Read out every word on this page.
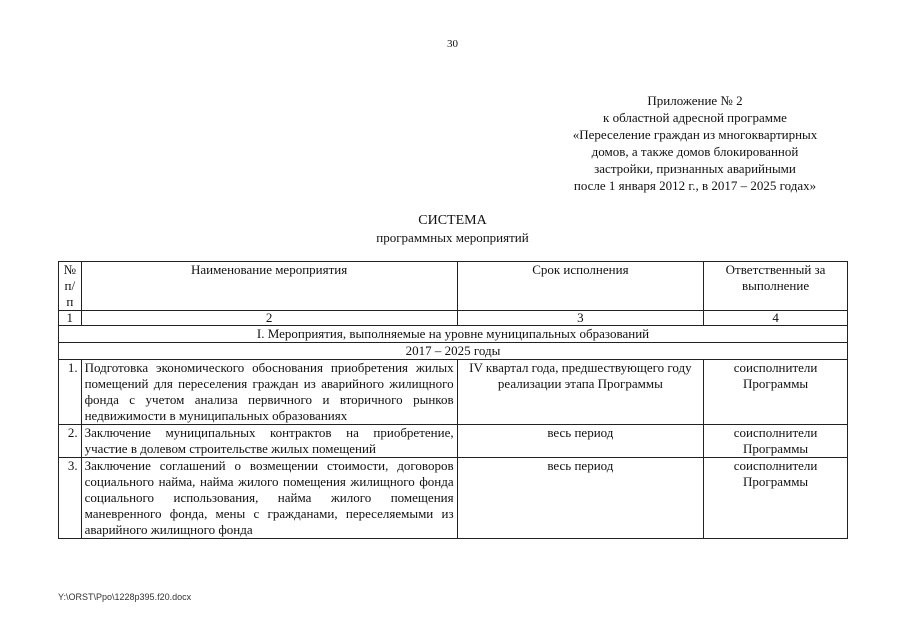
30
Приложение № 2
к областной адресной программе
«Переселение граждан из многоквартирных
домов, а также домов блокированной
застройки, признанных аварийными
после 1 января 2012 г., в 2017 – 2025 годах»
СИСТЕМА
программных мероприятий
№ п/п	Наименование мероприятия	Срок исполнения	Ответственный за выполнение
1	2	3	4
I. Мероприятия, выполняемые на уровне муниципальных образований			
2017 – 2025 годы			
1.	Подготовка экономического обоснования приобретения жилых помещений для переселения граждан из аварийного жилищного фонда с учетом анализа первичного и вторичного рынков недвижимости в муниципальных образованиях	IV квартал года, предшествующего году реализации этапа Программы	соисполнители Программы
2.	Заключение муниципальных контрактов на приобретение, участие в долевом строительстве жилых помещений	весь период	соисполнители Программы
3.	Заключение соглашений о возмещении стоимости, договоров социального найма, найма жилого помещения жилищного фонда социального использования, найма жилого помещения маневренного фонда, мены с гражданами, переселяемыми из аварийного жилищного фонда	весь период	соисполнители Программы
Y:\ORST\Ppo\1228p395.f20.docx
